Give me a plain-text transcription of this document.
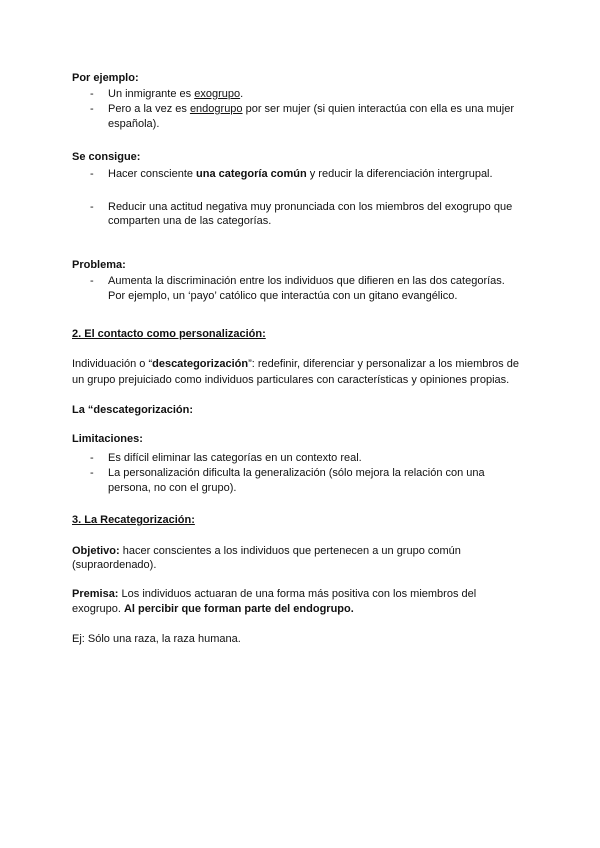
Por ejemplo:
- Un inmigrante es exogrupo.
- Pero a la vez es endogrupo por ser mujer (si quien interactúa con ella es una mujer
española).
Se consigue:
- Hacer consciente una categoría común y reducir la diferenciación intergrupal.
- Reducir una actitud negativa muy pronunciada con los miembros del exogrupo que
comparten una de las categorías.
Problema:
- Aumenta la discriminación entre los individuos que difieren en las dos categorías.
Por ejemplo, un ‘payo’ católico que interactúa con un gitano evangélico.
2. El contacto como personalización:
Individuación o “descategorización”: redefinir, diferenciar y personalizar a los miembros de
un grupo prejuiciado como individuos particulares con características y opiniones propias.
La “descategorización:
Limitaciones:
- Es difícil eliminar las categorías en un contexto real.
- La personalización dificulta la generalización (sólo mejora la relación con una
persona, no con el grupo).
3. La Recategorización:
Objetivo: hacer conscientes a los individuos que pertenecen a un grupo común
(supraordenado).
Premisa: Los individuos actuaran de una forma más positiva con los miembros del
exogrupo. Al percibir que forman parte del endogrupo.
Ej: Sólo una raza, la raza humana.
